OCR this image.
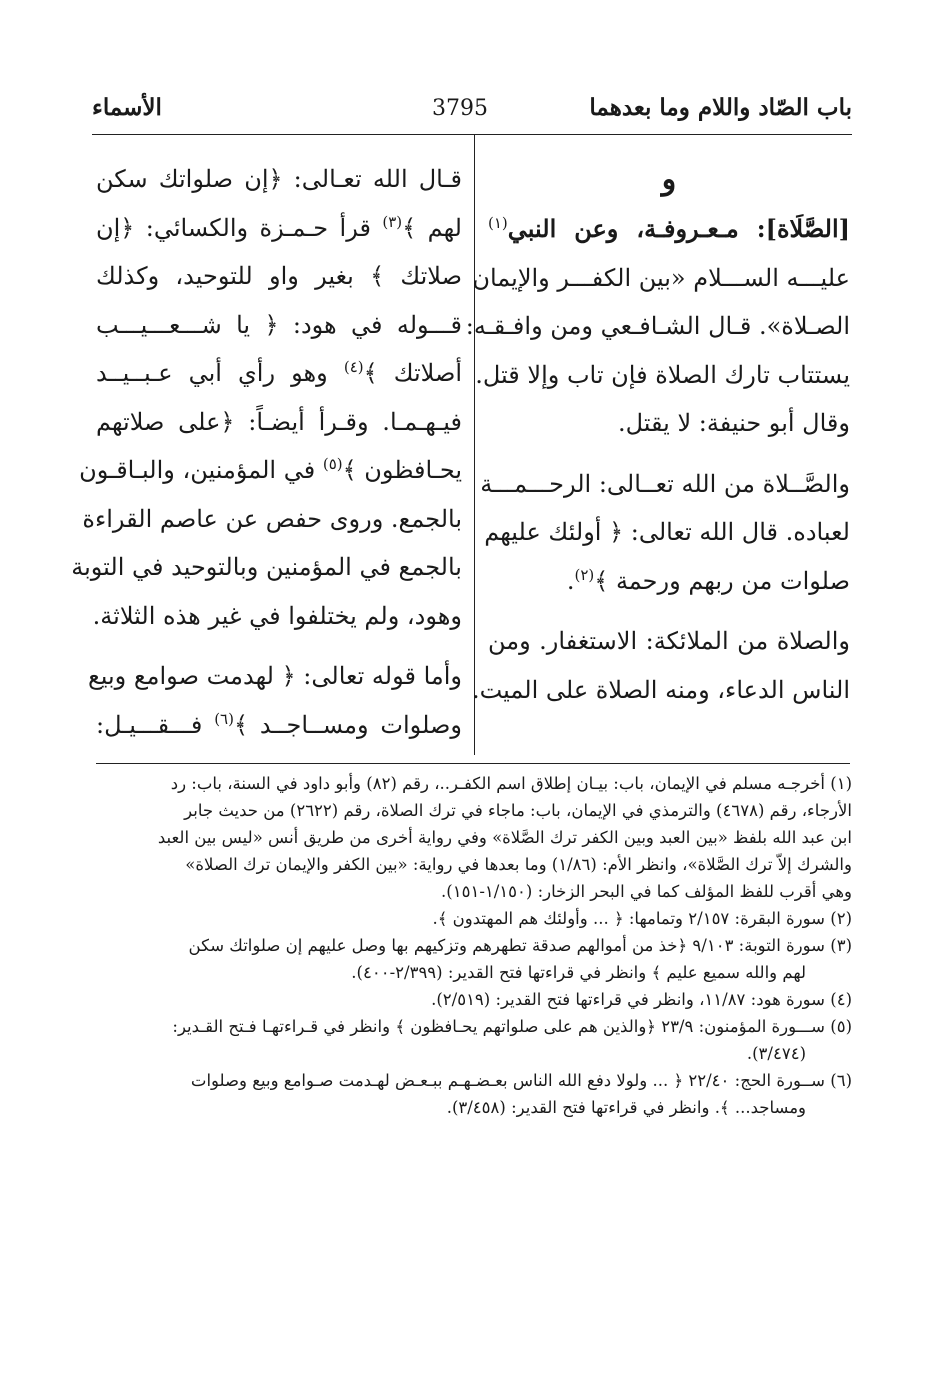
باب الصّاد واللام وما بعدهما
3795
الأسماء
و

[الصَّلَاة]: مـعـروفـة، وعن النبي$^{(١)}$
عليـــه الســـلام «بين الكفـــر والإيمان
الصـلاة». قـال الشـافـعي ومن وافـقـه:
يستتاب تارك الصلاة فإن تاب وإلا قتل.
وقال أبو حنيفة: لا يقتل.

والصَّــلاة من الله تعــالى: الرحـــمـــة
لعباده. قال الله تعالى: ﴿ أولئك عليهم
صلوات من ربهم ورحمة ﴾$^{(٢)}$.

والصلاة من الملائكة: الاستغفار. ومن
الناس الدعاء، ومنه الصلاة على الميت.

قـال الله تعـالى: ﴿إن صلواتك سكن
لهم ﴾$^{(٣)}$ قرأ حـمـزة والكسائي: ﴿إن
صلاتك ﴾ بغير واو للتوحيد، وكذلك
قـــوله في هود: ﴿ يا شـــعـــيـــب
أصلاتك ﴾$^{(٤)}$ وهو رأي أبي عـبــيــد
فيـهـمـا. وقـرأ أيضـاً: ﴿على صلاتهم
يحـافظون ﴾$^{(٥)}$ في المؤمنين، والبـاقـون
بالجمع. وروى حفص عن عاصم القراءة
بالجمع في المؤمنين وبالتوحيد في التوبة
وهود، ولم يختلفوا في غير هذه الثلاثة.

وأما قوله تعالى: ﴿ لهدمت صوامع وبيع
وصلوات ومســاجــد ﴾$^{(٦)}$ فـــقـــيـل:

(١) أخرجـه مسلم في الإيمان، باب: بيـان إطلاق اسم الكفـر..، رقم (٨٢) وأبو داود في السنة، باب: رد
الأرجاء، رقم (٤٦٧٨) والترمذي في الإيمان، باب: ماجاء في ترك الصلاة، رقم (٢٦٢٢) من حديث جابر
ابن عبد الله بلفظ «بين العبد وبين الكفر ترك الصَّلاة» وفي رواية أخرى من طريق أنس «ليس بين العبد
والشرك إلاّ ترك الصَّلاة»، وانظر الأم: (١/٨٦) وما بعدها في رواية: «بين الكفر والإيمان ترك الصلاة»
وهي أقرب للفظ المؤلف كما في البحر الزخار: (١/١٥٠-١٥١).
(٢) سورة البقرة: ٢/١٥٧ وتمامها: ﴿ ... وأولئك هم المهتدون ﴾.
(٣) سورة التوبة: ٩/١٠٣ ﴿خذ من أموالهم صدقة تطهرهم وتزكيهم بها وصل عليهم إن صلواتك سكن
لهم والله سميع عليم ﴾ وانظر في قراءتها فتح القدير: (٢/٣٩٩-٤٠٠).
(٤) سورة هود: ١١/٨٧، وانظر في قراءتها فتح القدير: (٢/٥١٩).
(٥) ســـورة المؤمنون: ٢٣/٩ ﴿والذين هم على صلواتهم يحـافظون ﴾ وانظر في قـراءتهـا فـتح القـدير:
(٣/٤٧٤).
(٦) ســورة الحج: ٢٢/٤٠ ﴿ ... ولولا دفع الله الناس بعـضـهـم ببـعـض لهـدمت صـوامع وبيع وصلوات
ومساجد... ﴾. وانظر في قراءتها فتح القدير: (٣/٤٥٨).
